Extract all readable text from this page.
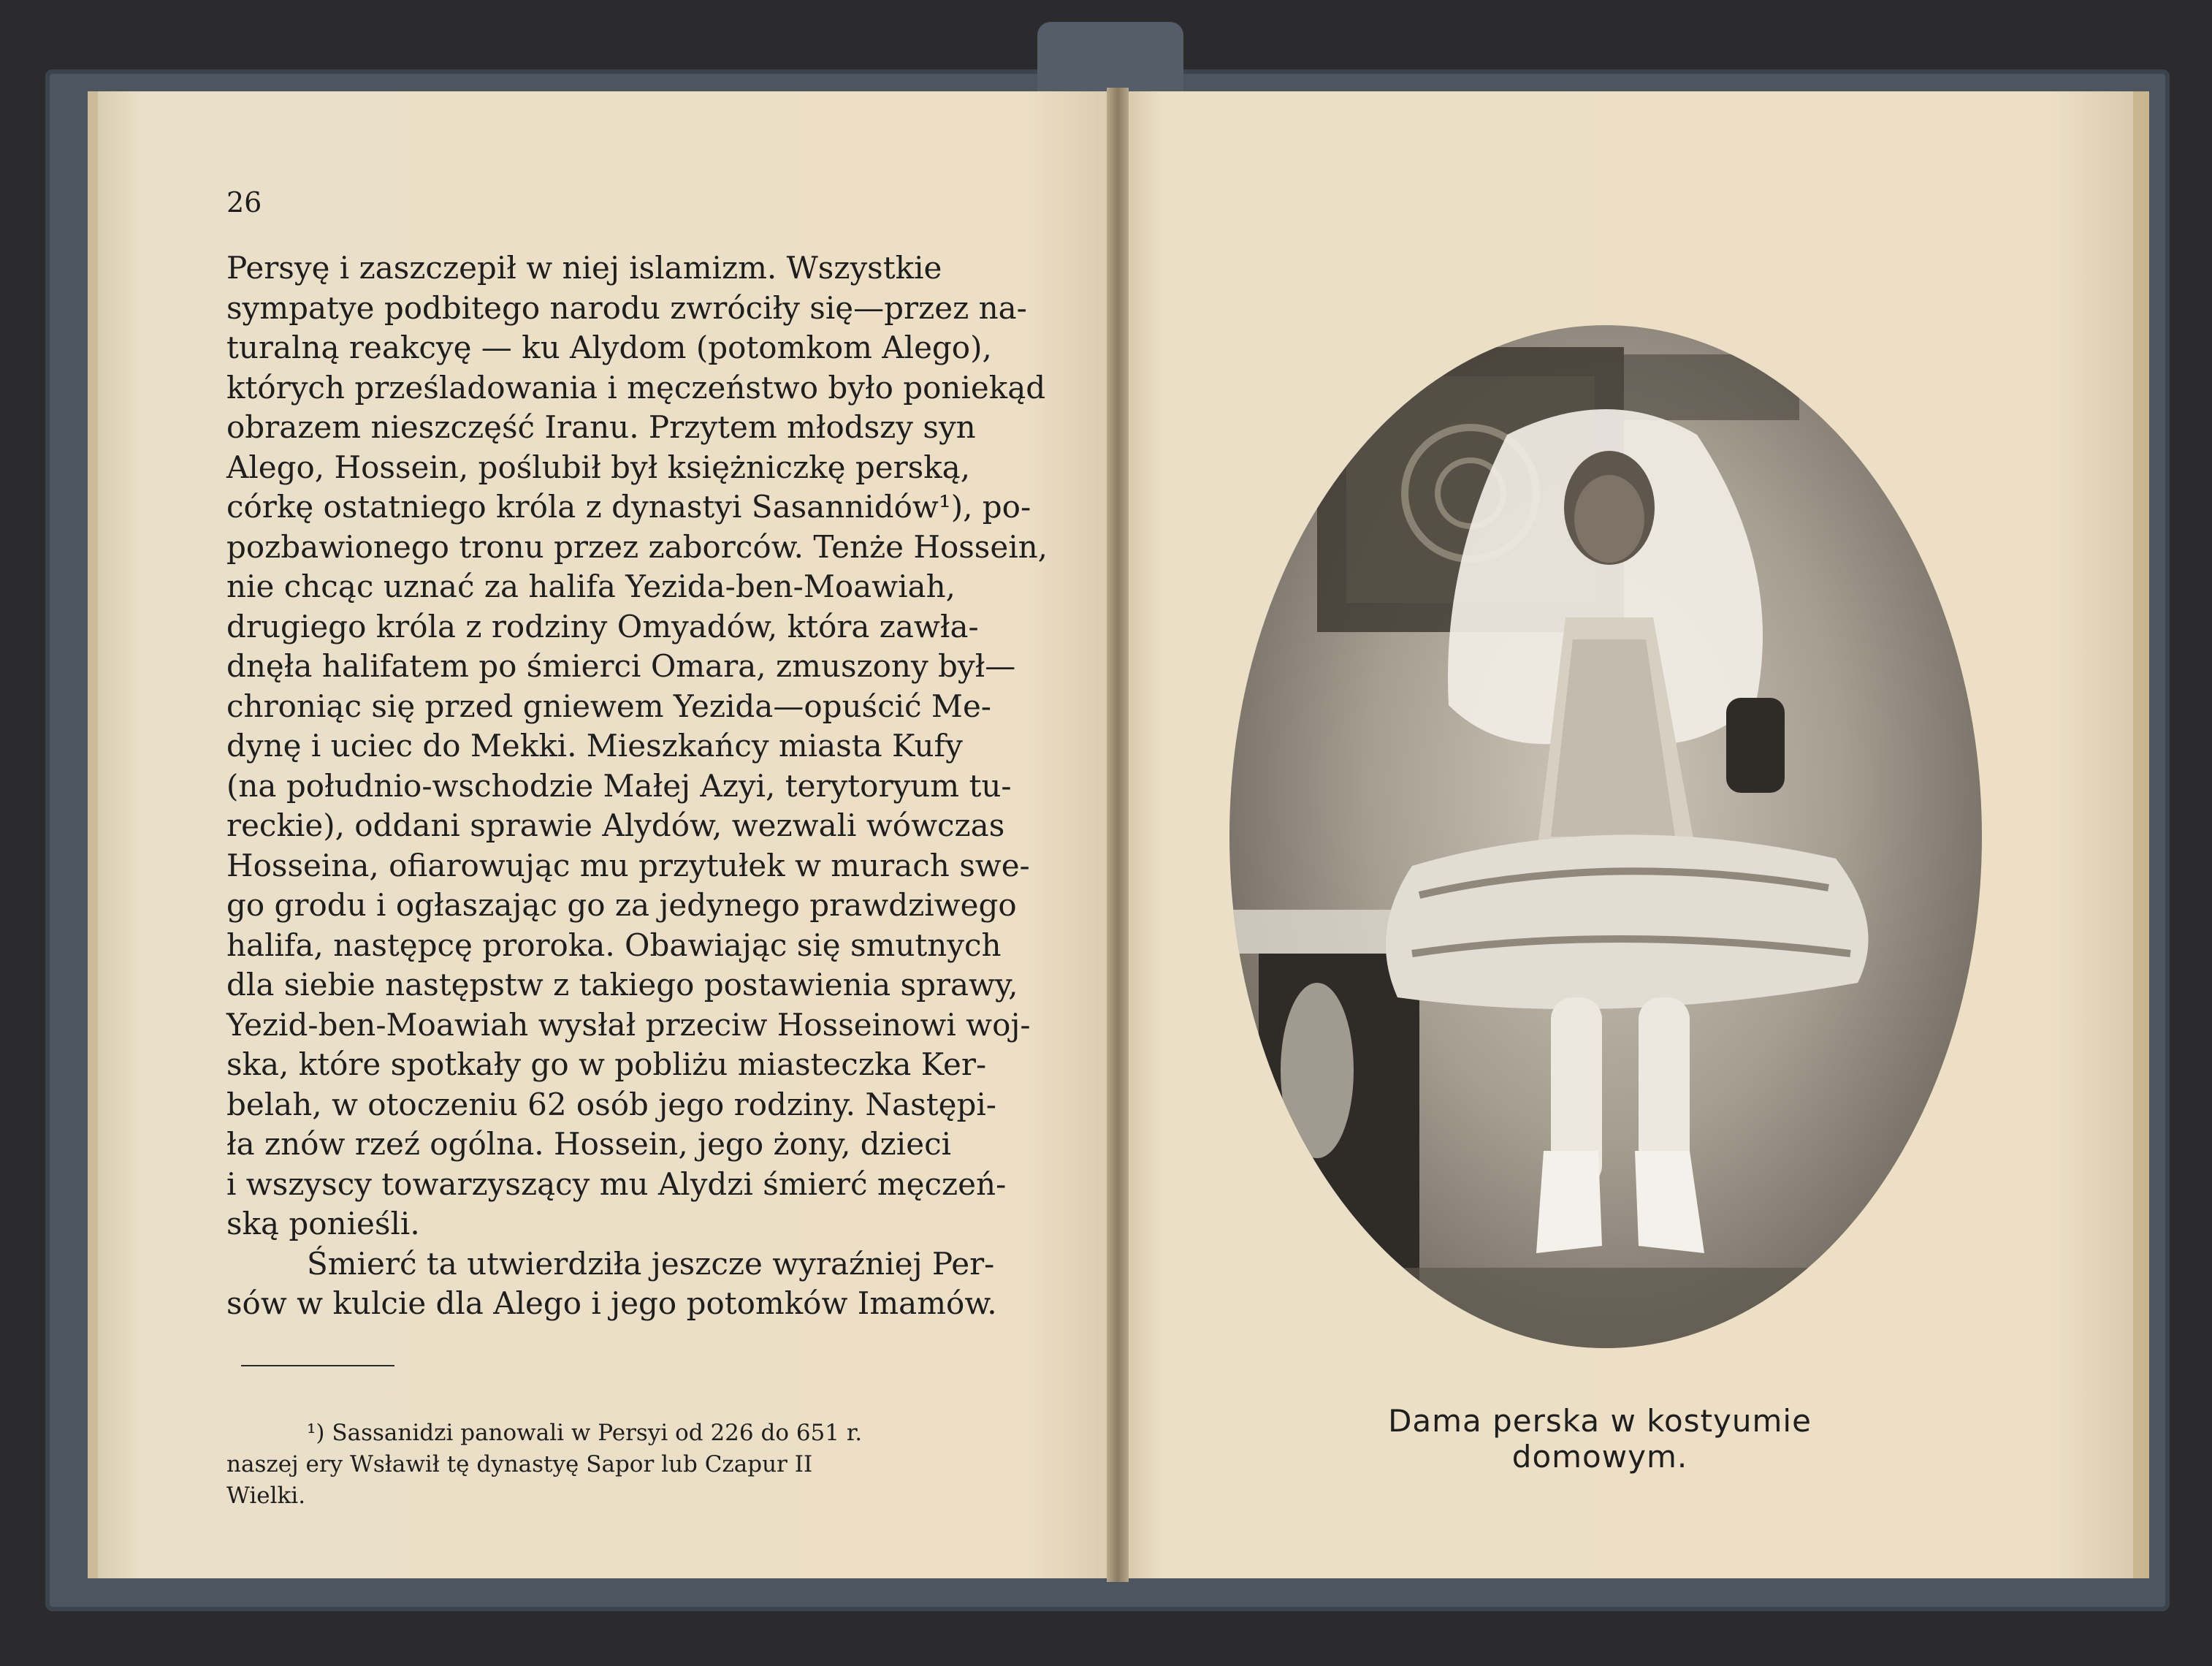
26
Persyę i zaszczepił w niej islamizm. Wszystkie
sympatye podbitego narodu zwróciły się—przez na-
turalną reakcyę — ku Alydom (potomkom Alego),
których prześladowania i męczeństwo było poniekąd
obrazem nieszczęść Iranu. Przytem młodszy syn
Alego, Hossein, poślubił był księżniczkę perską,
córkę ostatniego króla z dynastyi Sasannidów¹), po-
pozbawionego tronu przez zaborców. Tenże Hossein,
nie chcąc uznać za halifa Yezida-ben-Moawiah,
drugiego króla z rodziny Omyadów, która zawła-
dnęła halifatem po śmierci Omara, zmuszony był—
chroniąc się przed gniewem Yezida—opuścić Me-
dynę i uciec do Mekki. Mieszkańcy miasta Kufy
(na południo-wschodzie Małej Azyi, terytoryum tu-
reckie), oddani sprawie Alydów, wezwali wówczas
Hosseina, ofiarowując mu przytułek w murach swe-
go grodu i ogłaszając go za jedynego prawdziwego
halifa, następcę proroka. Obawiając się smutnych
dla siebie następstw z takiego postawienia sprawy,
Yezid-ben-Moawiah wysłał przeciw Hosseinowi woj-
ska, które spotkały go w pobliżu miasteczka Ker-
belah, w otoczeniu 62 osób jego rodziny. Następi-
ła znów rzeź ogólna. Hossein, jego żony, dzieci
i wszyscy towarzyszący mu Alydzi śmierć męczeń-
ską ponieśli.
Śmierć ta utwierdziła jeszcze wyraźniej Per-
sów w kulcie dla Alego i jego potomków Imamów.
¹) Sassanidzi panowali w Persyi od 226 do 651 r.
naszej ery Wsławił tę dynastyę Sapor lub Czapur II
Wielki.
Dama perska w kostyumie domowym.
